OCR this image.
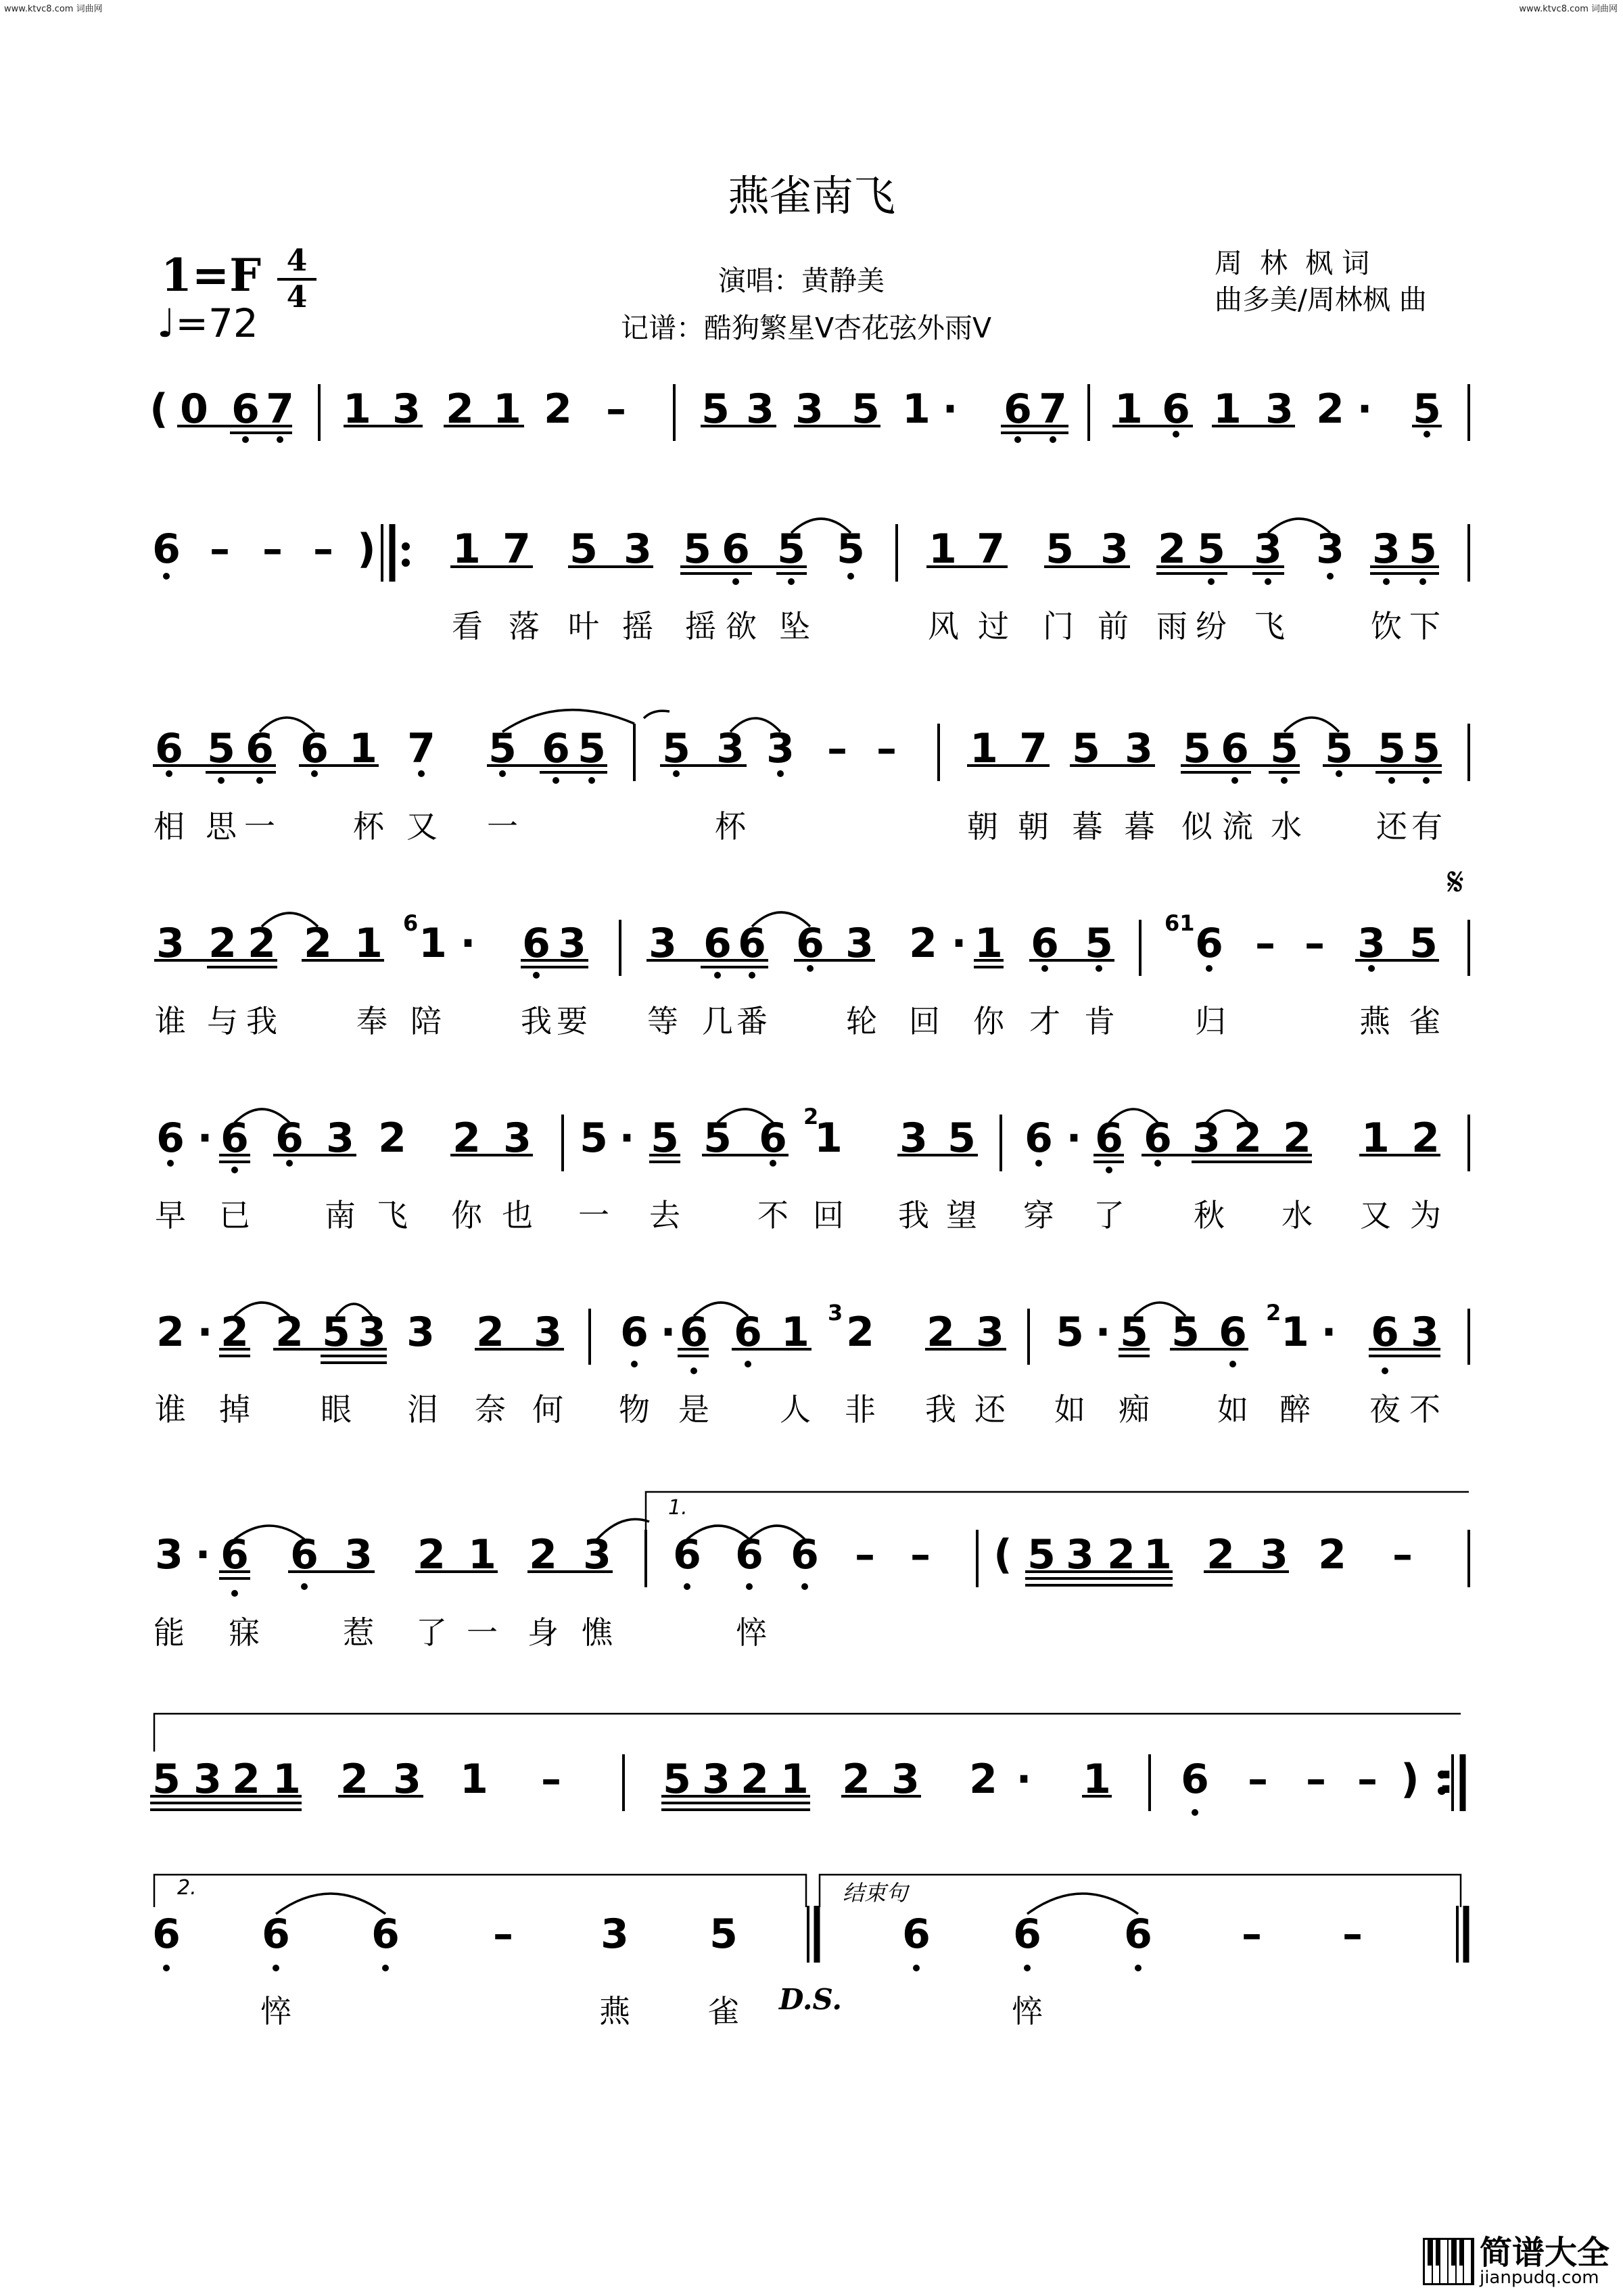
www.ktvc8.com 词曲网	www.ktvc8.com 词曲网
燕雀南飞
1=F 4
4
♩=72
演唱：黄静美
记谱：酷狗繁星V杏花弦外雨V
周  林  枫 词
曲多美/周林枫 曲
( 0 6 7 1 3 2 1 2 – 5 3 3 5 1 · 6 7 1 6 1 3 2 · 5
6 – – – ) 1 7 5 3 5 6 5 5 1 7 5 3 2 5 3 3 3 5
看 落 叶 摇 摇 欲 坠	风 过 门 前 雨 纷 飞	饮 下
6 5 6 6 1 7 5 6 5 5 3 3 – – 1 7 5 3 5 6 5 5 5 5
相 思 一	杯 又 一	杯	朝 朝 暮 暮 似 流 水 还 有
3 2 2 2 1 1 · 6 3 3 6 6 6 3 2 · 1 6 5 6 – – 3 5
谁 与 我	奉 陪	我 要 等 几 番	轮 回 你 才 肯	归	燕 雀
6 · 6 6 3 2 2 3 5 · 5 5 6 1 3 5 6 · 6 6 3 2 2 1 2
早 已 南 飞 你 也 一 去 不 回 我 望 穿 了 秋 水 又 为
2 · 2 2 5 3 3 2 3 6 · 6 6 1 2 2 3 5 · 5 5 6 1 · 6 3
谁 掉 眼 泪 奈 何 物 是 人 非 我 还 如 痴 如 醉 夜 不
3 · 6 6 3 2 1 2 3 6 6 6 – – ( 5 3 2 1 2 3 2 –
能 寐	惹 了 一 身 憔	悴
5 3 2 1 2 3 1 –	5 3 2 1 2 3 2 · 1 6 – – – ) :
6 6 6 – 3 5	6 6 6 – –
悴	燕	雀	悴
6	61
2
3	2
𝄋
1.
2.	结束句
D.S.
简谱大全
jianpudq.com
